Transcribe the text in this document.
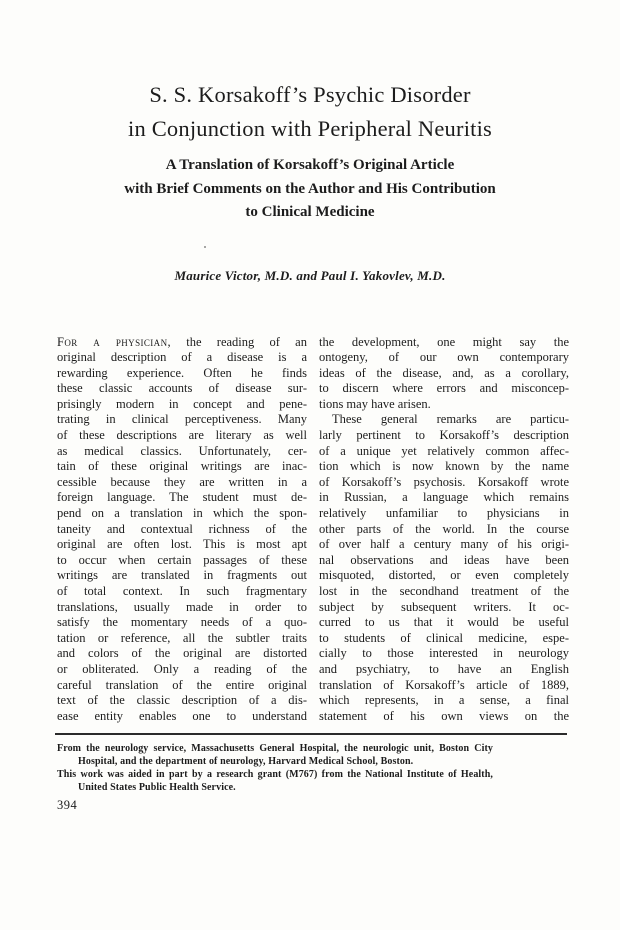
S. S. Korsakoff’s Psychic Disorder
in Conjunction with Peripheral Neuritis
A Translation of Korsakoff’s Original Article
with Brief Comments on the Author and His Contribution
to Clinical Medicine
Maurice Victor, M.D. and Paul I. Yakovlev, M.D.
For a physician, the reading of an
original description of a disease is a
rewarding experience. Often he finds
these classic accounts of disease sur-
prisingly modern in concept and pene-
trating in clinical perceptiveness. Many
of these descriptions are literary as well
as medical classics. Unfortunately, cer-
tain of these original writings are inac-
cessible because they are written in a
foreign language. The student must de-
pend on a translation in which the spon-
taneity and contextual richness of the
original are often lost. This is most apt
to occur when certain passages of these
writings are translated in fragments out
of total context. In such fragmentary
translations, usually made in order to
satisfy the momentary needs of a quo-
tation or reference, all the subtler traits
and colors of the original are distorted
or obliterated. Only a reading of the
careful translation of the entire original
text of the classic description of a dis-
ease entity enables one to understand
the development, one might say the
ontogeny, of our own contemporary
ideas of the disease, and, as a corollary,
to discern where errors and misconcep-
tions may have arisen.
These general remarks are particu-
larly pertinent to Korsakoff’s description
of a unique yet relatively common affec-
tion which is now known by the name
of Korsakoff’s psychosis. Korsakoff wrote
in Russian, a language which remains
relatively unfamiliar to physicians in
other parts of the world. In the course
of over half a century many of his origi-
nal observations and ideas have been
misquoted, distorted, or even completely
lost in the secondhand treatment of the
subject by subsequent writers. It oc-
curred to us that it would be useful
to students of clinical medicine, espe-
cially to those interested in neurology
and psychiatry, to have an English
translation of Korsakoff’s article of 1889,
which represents, in a sense, a final
statement of his own views on the
From the neurology service, Massachusetts General Hospital, the neurologic unit, Boston City
Hospital, and the department of neurology, Harvard Medical School, Boston.
This work was aided in part by a research grant (M767) from the National Institute of Health,
United States Public Health Service.
394
